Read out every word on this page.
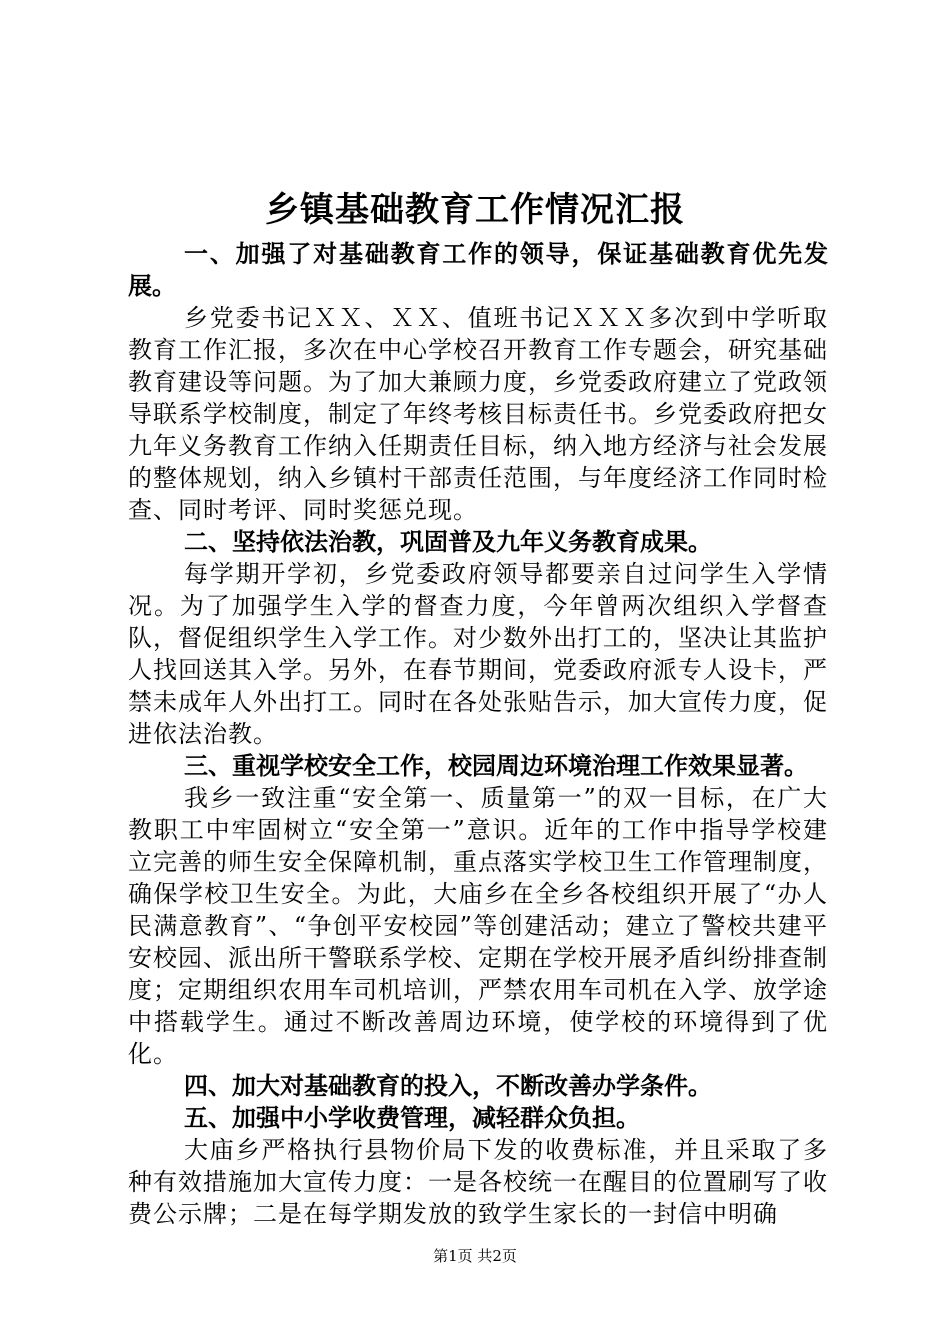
乡镇基础教育工作情况汇报

一、加强了对基础教育工作的领导，保证基础教育优先发展。

乡党委书记ＸＸ、ＸＸ、值班书记ＸＸＸ多次到中学听取教育工作汇报，多次在中心学校召开教育工作专题会，研究基础教育建设等问题。为了加大兼顾力度，乡党委政府建立了党政领导联系学校制度，制定了年终考核目标责任书。乡党委政府把女九年义务教育工作纳入任期责任目标，纳入地方经济与社会发展的整体规划，纳入乡镇村干部责任范围，与年度经济工作同时检查、同时考评、同时奖惩兑现。

二、坚持依法治教，巩固普及九年义务教育成果。

每学期开学初，乡党委政府领导都要亲自过问学生入学情况。为了加强学生入学的督查力度，今年曾两次组织入学督查队，督促组织学生入学工作。对少数外出打工的，坚决让其监护人找回送其入学。另外，在春节期间，党委政府派专人设卡，严禁未成年人外出打工。同时在各处张贴告示，加大宣传力度，促进依法治教。

三、重视学校安全工作，校园周边环境治理工作效果显著。

我乡一致注重“安全第一、质量第一”的双一目标，在广大教职工中牢固树立“安全第一”意识。近年的工作中指导学校建立完善的师生安全保障机制，重点落实学校卫生工作管理制度，确保学校卫生安全。为此，大庙乡在全乡各校组织开展了“办人民满意教育”、“争创平安校园”等创建活动；建立了警校共建平安校园、派出所干警联系学校、定期在学校开展矛盾纠纷排查制度；定期组织农用车司机培训，严禁农用车司机在入学、放学途中搭载学生。通过不断改善周边环境，使学校的环境得到了优化。

四、加大对基础教育的投入，不断改善办学条件。

五、加强中小学收费管理，减轻群众负担。

大庙乡严格执行县物价局下发的收费标准，并且采取了多种有效措施加大宣传力度：一是各校统一在醒目的位置刷写了收费公示牌；二是在每学期发放的致学生家长的一封信中明确

第1页 共2页
